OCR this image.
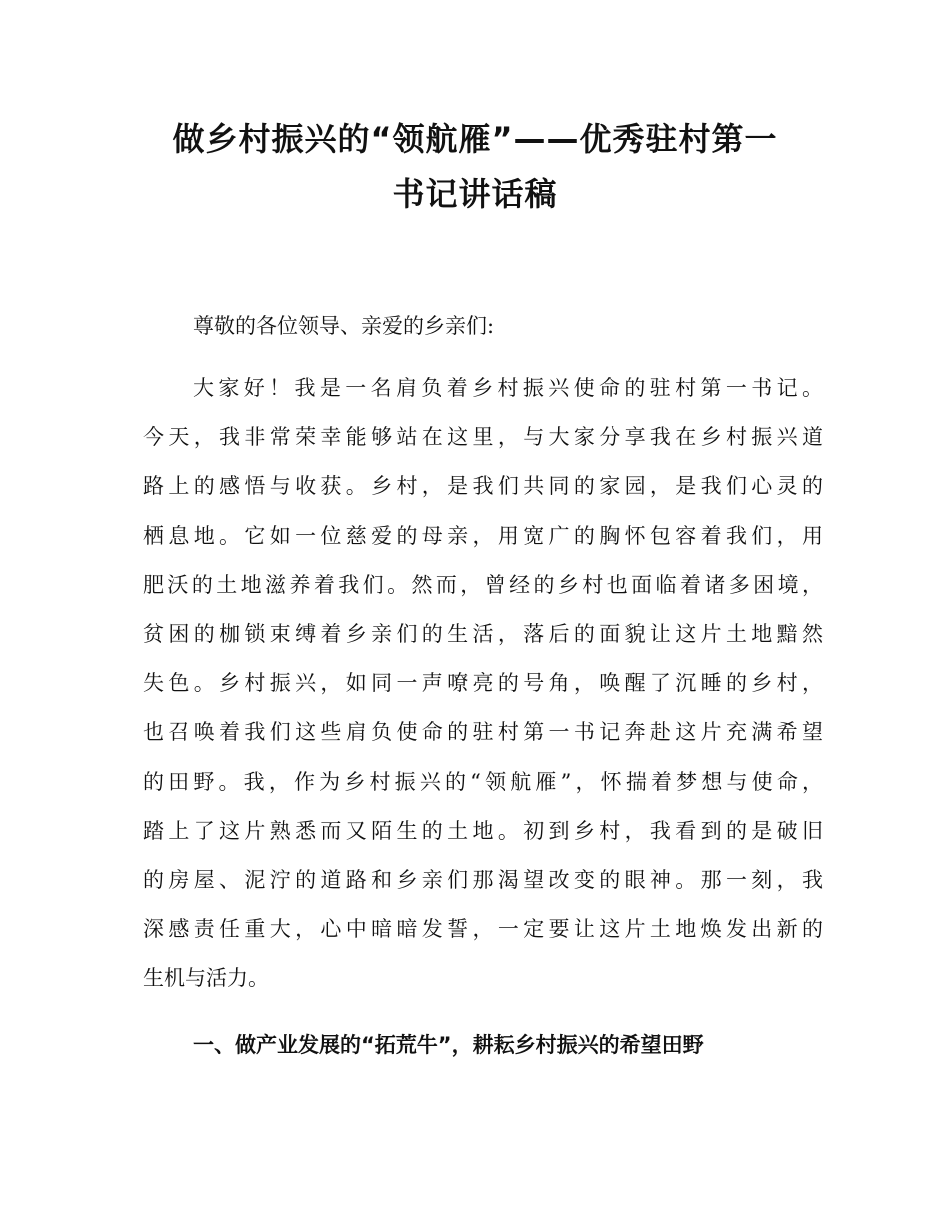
做乡村振兴的“领航雁”——优秀驻村第一
书记讲话稿

尊敬的各位领导、亲爱的乡亲们:

大家好！我是一名肩负着乡村振兴使命的驻村第一书记。
今天，我非常荣幸能够站在这里，与大家分享我在乡村振兴道
路上的感悟与收获。乡村，是我们共同的家园，是我们心灵的
栖息地。它如一位慈爱的母亲，用宽广的胸怀包容着我们，用
肥沃的土地滋养着我们。然而，曾经的乡村也面临着诸多困境，
贫困的枷锁束缚着乡亲们的生活，落后的面貌让这片土地黯然
失色。乡村振兴，如同一声嘹亮的号角，唤醒了沉睡的乡村，
也召唤着我们这些肩负使命的驻村第一书记奔赴这片充满希望
的田野。我，作为乡村振兴的“领航雁”，怀揣着梦想与使命，
踏上了这片熟悉而又陌生的土地。初到乡村，我看到的是破旧
的房屋、泥泞的道路和乡亲们那渴望改变的眼神。那一刻，我
深感责任重大，心中暗暗发誓，一定要让这片土地焕发出新的
生机与活力。
一、做产业发展的“拓荒牛”，耕耘乡村振兴的希望田野
